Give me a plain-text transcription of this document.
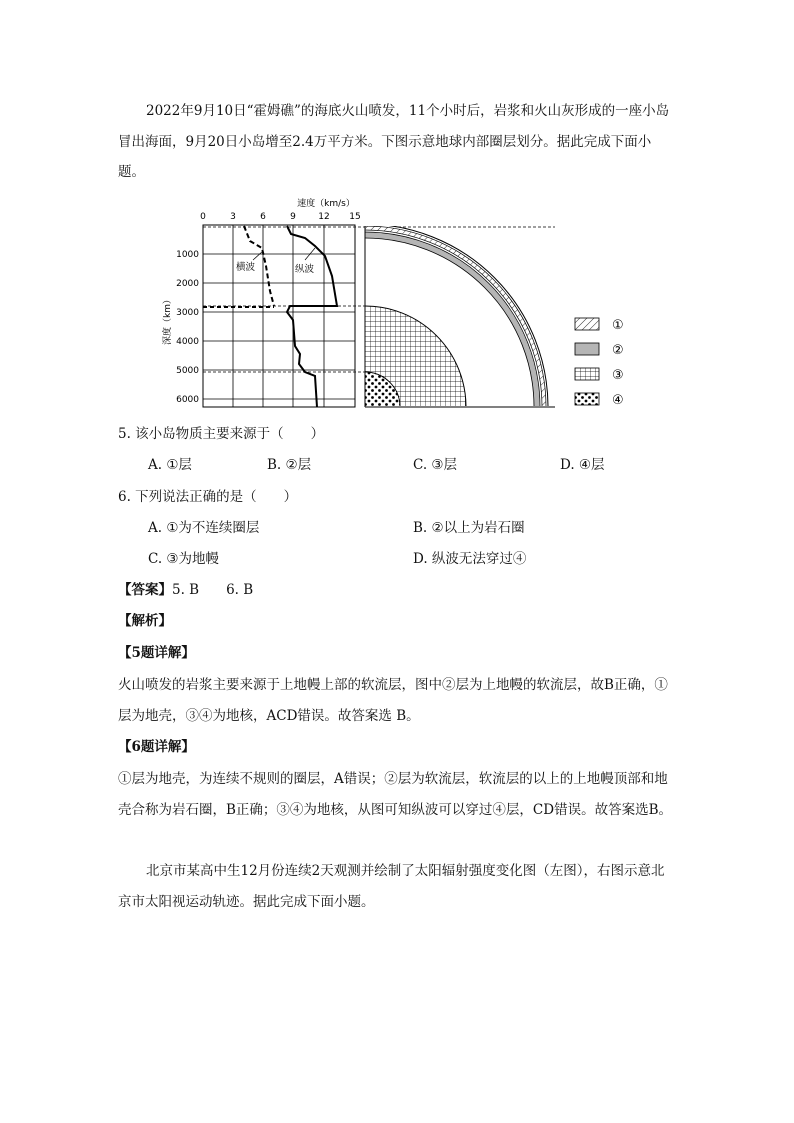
2022年9月10日“霍姆礁”的海底火山喷发，11个小时后，岩浆和火山灰形成的一座小岛冒出海面，9月20日小岛增至2.4万平方米。下图示意地球内部圈层划分。据此完成下面小题。

速度（km/s）
0	3	6	9 12 15
1000
2000
3000
4000
5000
6000
深度（km）
横波	纵波
①
②
③
④
5. 该小岛物质主要来源于（　　）
A. ①层	B. ②层	C. ③层	D. ④层
6. 下列说法正确的是（　　）
A. ①为不连续圈层	B. ②以上为岩石圈
C. ③为地幔	D. 纵波无法穿过④
【答案】5. B　　6. B
【解析】
【5题详解】

火山喷发的岩浆主要来源于上地幔上部的软流层，图中②层为上地幔的软流层，故B正确，①层为地壳，③④为地核，ACD错误。故答案选 B。

【6题详解】

①层为地壳，为连续不规则的圈层，A错误；②层为软流层，软流层的以上的上地幔顶部和地壳合称为岩石圈，B正确；③④为地核，从图可知纵波可以穿过④层，CD错误。故答案选B。

北京市某高中生12月份连续2天观测并绘制了太阳辐射强度变化图（左图），右图示意北京市太阳视运动轨迹。据此完成下面小题。
